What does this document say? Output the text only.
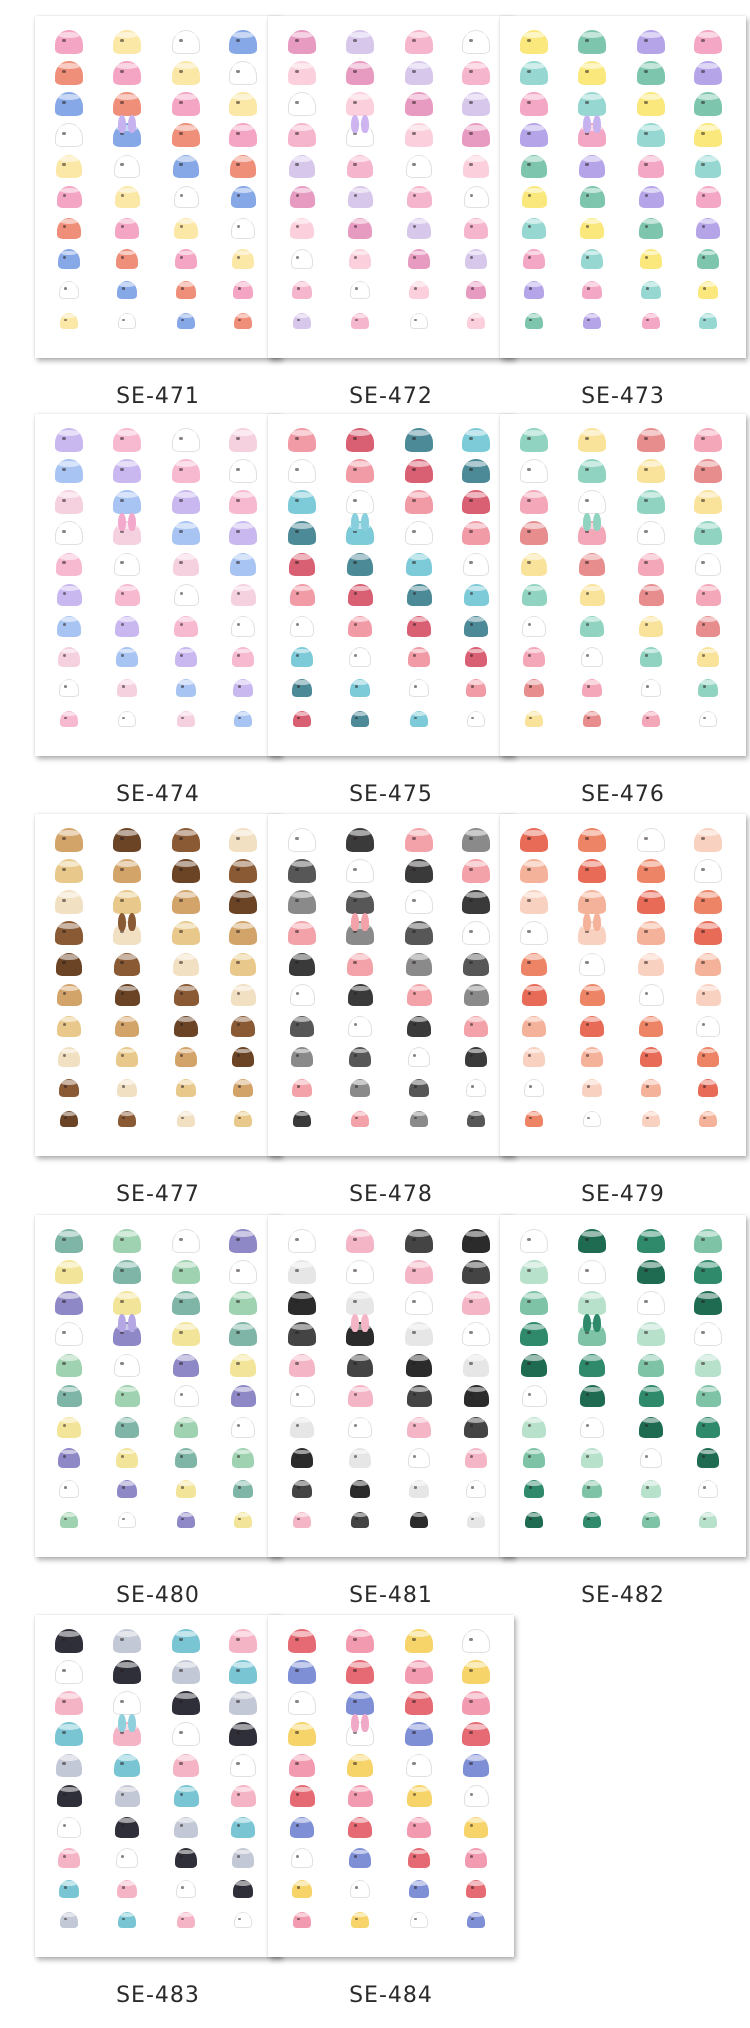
SE-471	SE-472	SE-473
SE-474	SE-475	SE-476
SE-477	SE-478	SE-479
SE-480	SE-481	SE-482
SE-483	SE-484
